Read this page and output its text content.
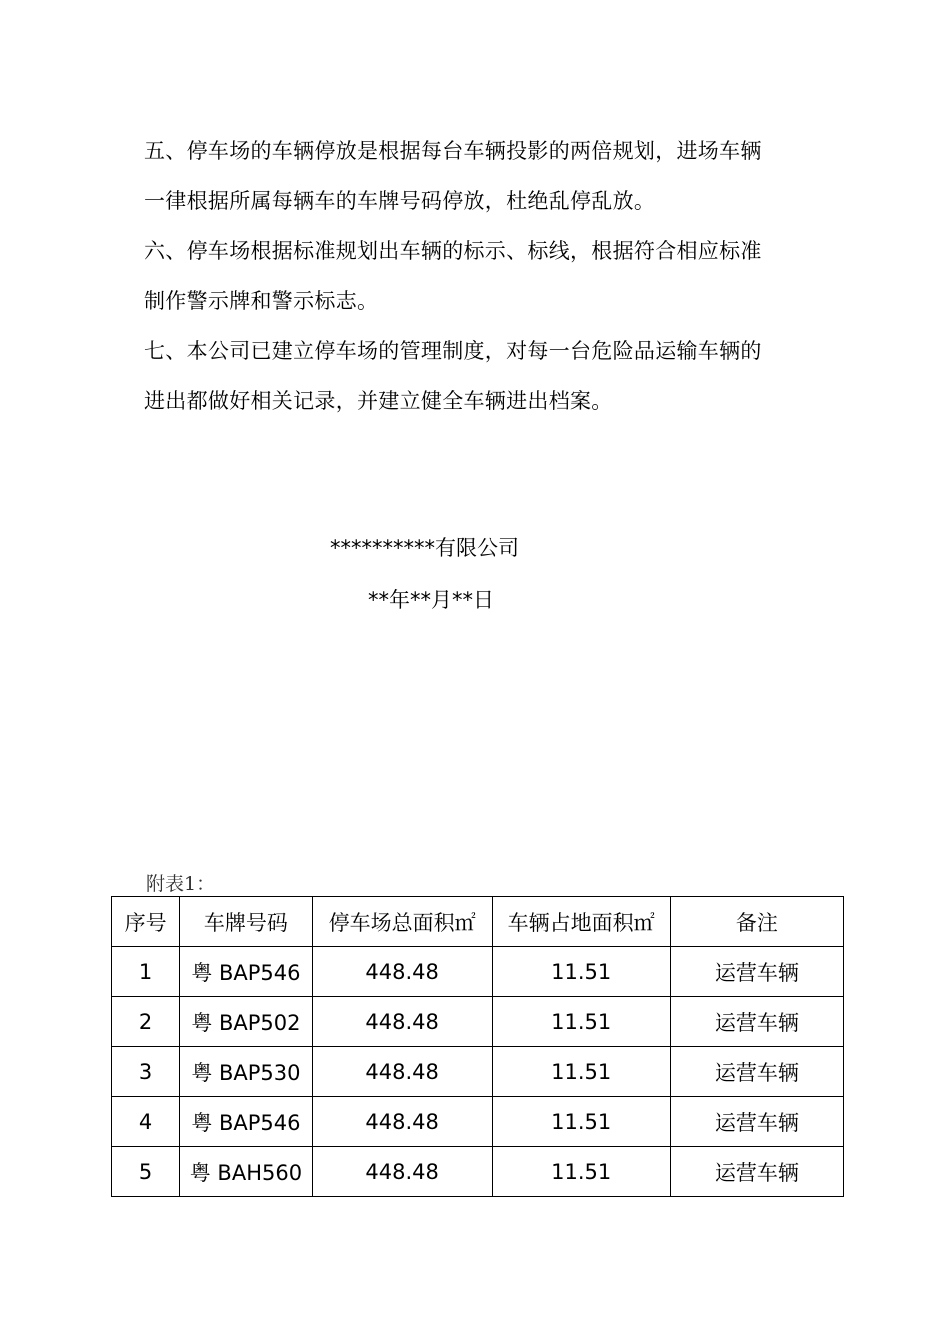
五、停车场的车辆停放是根据每台车辆投影的两倍规划，进场车辆
一律根据所属每辆车的车牌号码停放，杜绝乱停乱放。

六、停车场根据标准规划出车辆的标示、标线，根据符合相应标准
制作警示牌和警示标志。

七、本公司已建立停车场的管理制度，对每一台危险品运输车辆的
进出都做好相关记录，并建立健全车辆进出档案。

**********有限公司
**年**月**日
附表1：
序号	车牌号码	停车场总面积㎡	车辆占地面积㎡	备注
1	粤 BAP546	448.48	11.51	运营车辆
2	粤 BAP502	448.48	11.51	运营车辆
3	粤 BAP530	448.48	11.51	运营车辆
4	粤 BAP546	448.48	11.51	运营车辆
5	粤 BAH560	448.48	11.51	运营车辆
